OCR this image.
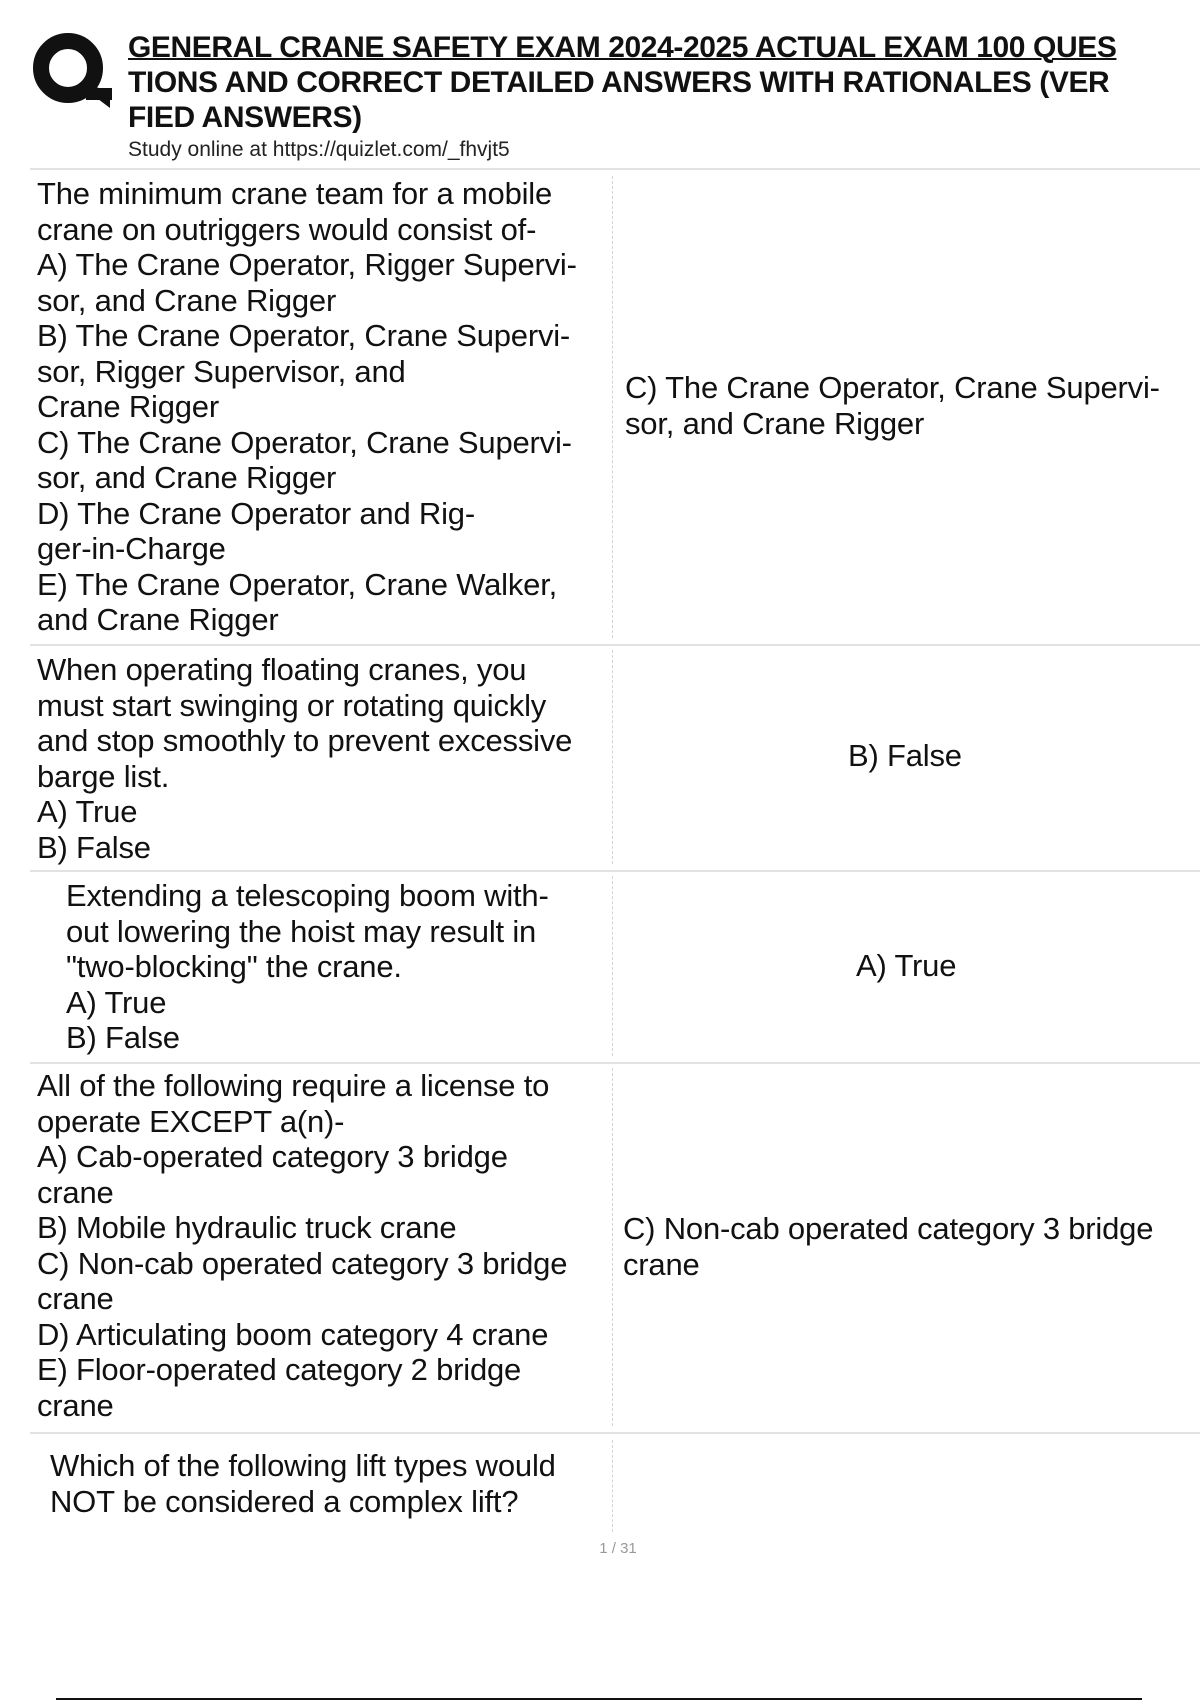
GENERAL CRANE SAFETY EXAM 2024-2025 ACTUAL EXAM 100 QUES
TIONS AND CORRECT DETAILED ANSWERS WITH RATIONALES (VER
FIED ANSWERS)
Study online at https://quizlet.com/_fhvjt5
The minimum crane team for a mobile
crane on outriggers would consist of-
A) The Crane Operator, Rigger Supervi-
sor, and Crane Rigger
B) The Crane Operator, Crane Supervi-
sor, Rigger Supervisor, and
Crane Rigger
C) The Crane Operator, Crane Supervi-
sor, and Crane Rigger
D) The Crane Operator and Rig-
ger-in-Charge
E) The Crane Operator, Crane Walker,
and Crane Rigger
C) The Crane Operator, Crane Supervi-
sor, and Crane Rigger
When operating floating cranes, you
must start swinging or rotating quickly
and stop smoothly to prevent excessive
barge list.
A) True
B) False
B) False
Extending a telescoping boom with-
out lowering the hoist may result in
"two-blocking" the crane.
A) True
B) False
A) True
All of the following require a license to
operate EXCEPT a(n)-
A) Cab-operated category 3 bridge
crane
B) Mobile hydraulic truck crane
C) Non-cab operated category 3 bridge
crane
D) Articulating boom category 4 crane
E) Floor-operated category 2 bridge
crane
C) Non-cab operated category 3 bridge
crane
Which of the following lift types would
NOT be considered a complex lift?
1 / 31
